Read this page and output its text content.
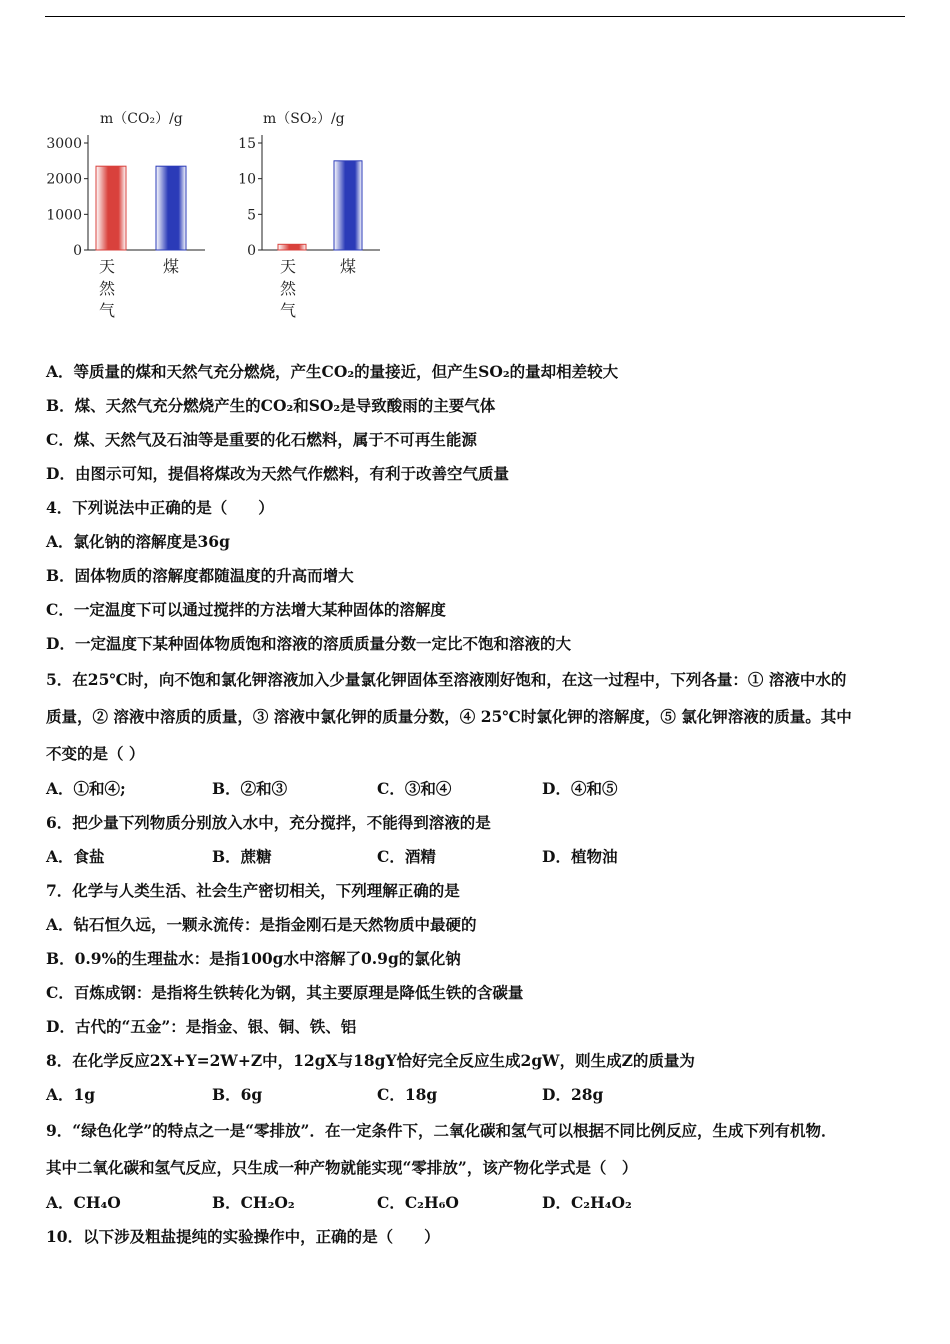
m（CO₂）/g
0
1000
2000
3000
天然气
煤
m（SO₂）/g
0
5
10
15
天然气
煤
A．等质量的煤和天然气充分燃烧，产生CO₂的量接近，但产生SO₂的量却相差较大
B．煤、天然气充分燃烧产生的CO₂和SO₂是导致酸雨的主要气体
C．煤、天然气及石油等是重要的化石燃料，属于不可再生能源
D．由图示可知，提倡将煤改为天然气作燃料，有利于改善空气质量
4．下列说法中正确的是（　　）
A．氯化钠的溶解度是36g
B．固体物质的溶解度都随温度的升高而增大
C．一定温度下可以通过搅拌的方法增大某种固体的溶解度
D．一定温度下某种固体物质饱和溶液的溶质质量分数一定比不饱和溶液的大
5．在25℃时，向不饱和氯化钾溶液加入少量氯化钾固体至溶液刚好饱和，在这一过程中，下列各量：① 溶液中水的
质量，② 溶液中溶质的质量，③ 溶液中氯化钾的质量分数，④ 25℃时氯化钾的溶解度，⑤ 氯化钾溶液的质量。其中
不变的是（ ）
A．①和④;	B．②和③	C．③和④	D．④和⑤
6．把少量下列物质分别放入水中，充分搅拌，不能得到溶液的是
A．食盐	B．蔗糖	C．酒精	D．植物油
7．化学与人类生活、社会生产密切相关，下列理解正确的是
A．钻石恒久远，一颗永流传：是指金刚石是天然物质中最硬的
B．0.9%的生理盐水：是指100g水中溶解了0.9g的氯化钠
C．百炼成钢：是指将生铁转化为钢，其主要原理是降低生铁的含碳量
D．古代的“五金”：是指金、银、铜、铁、铝
8．在化学反应2X+Y=2W+Z中，12gX与18gY恰好完全反应生成2gW，则生成Z的质量为
A．1g	B．6g	C．18g	D．28g
9．“绿色化学”的特点之一是“零排放”．在一定条件下，二氧化碳和氢气可以根据不同比例反应，生成下列有机物．
其中二氧化碳和氢气反应，只生成一种产物就能实现“零排放”，该产物化学式是（　）
A．CH₄O	B．CH₂O₂	C．C₂H₆O	D．C₂H₄O₂
10．以下涉及粗盐提纯的实验操作中，正确的是（　　）
